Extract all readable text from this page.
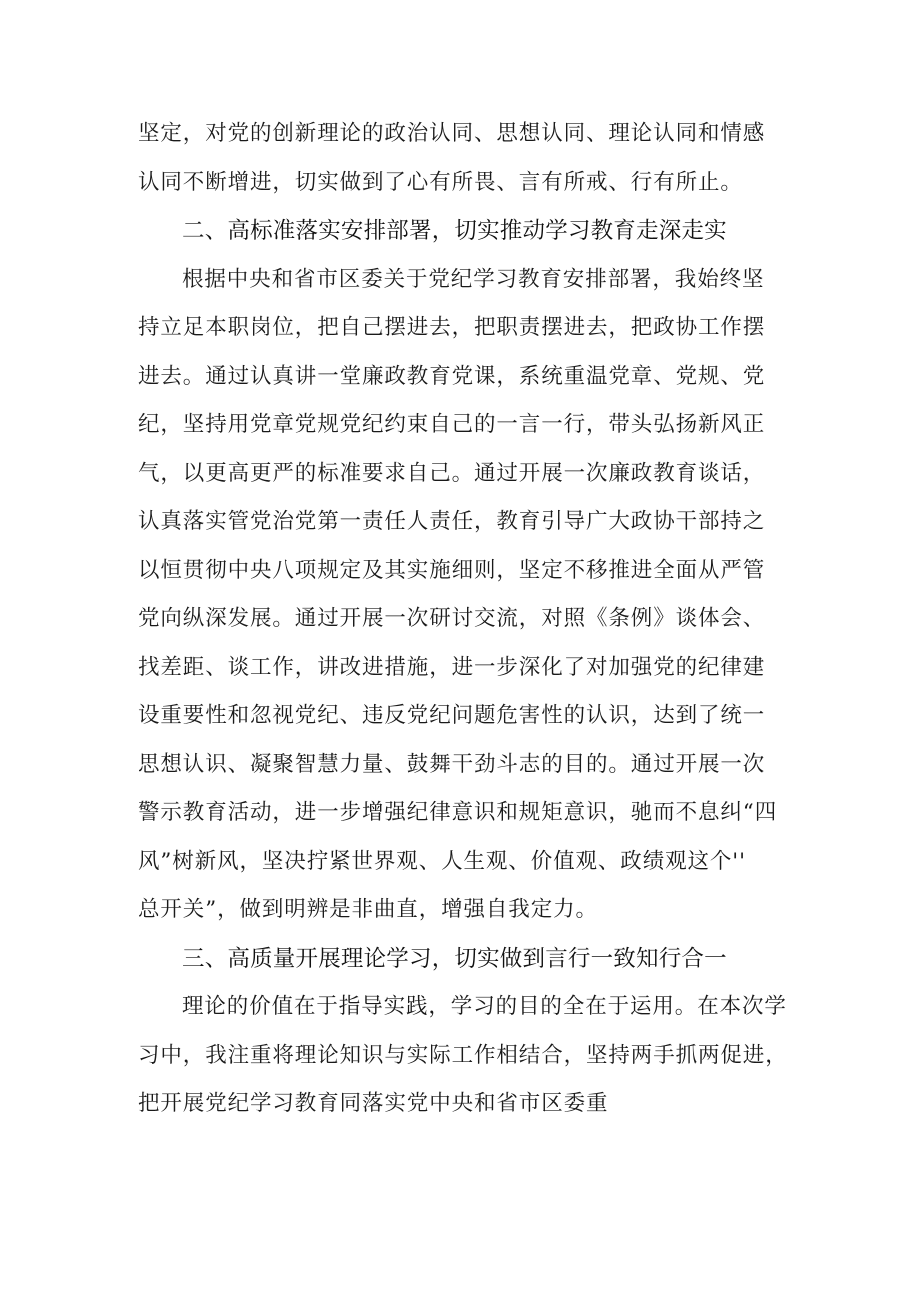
坚定，对党的创新理论的政治认同、思想认同、理论认同和情感
认同不断增进，切实做到了心有所畏、言有所戒、行有所止。
二、高标准落实安排部署，切实推动学习教育走深走实
根据中央和省市区委关于党纪学习教育安排部署，我始终坚
持立足本职岗位，把自己摆进去，把职责摆进去，把政协工作摆
进去。通过认真讲一堂廉政教育党课，系统重温党章、党规、党
纪，坚持用党章党规党纪约束自己的一言一行，带头弘扬新风正
气，以更高更严的标准要求自己。通过开展一次廉政教育谈话，
认真落实管党治党第一责任人责任，教育引导广大政协干部持之
以恒贯彻中央八项规定及其实施细则，坚定不移推进全面从严管
党向纵深发展。通过开展一次研讨交流，对照《条例》谈体会、
找差距、谈工作，讲改进措施，进一步深化了对加强党的纪律建
设重要性和忽视党纪、违反党纪问题危害性的认识，达到了统一
思想认识、凝聚智慧力量、鼓舞干劲斗志的目的。通过开展一次
警示教育活动，进一步增强纪律意识和规矩意识，驰而不息纠“四
风”树新风，坚决拧紧世界观、人生观、价值观、政绩观这个''
总开关”，做到明辨是非曲直，增强自我定力。
三、高质量开展理论学习，切实做到言行一致知行合一
理论的价值在于指导实践，学习的目的全在于运用。在本次学
习中，我注重将理论知识与实际工作相结合，坚持两手抓两促进，
把开展党纪学习教育同落实党中央和省市区委重
